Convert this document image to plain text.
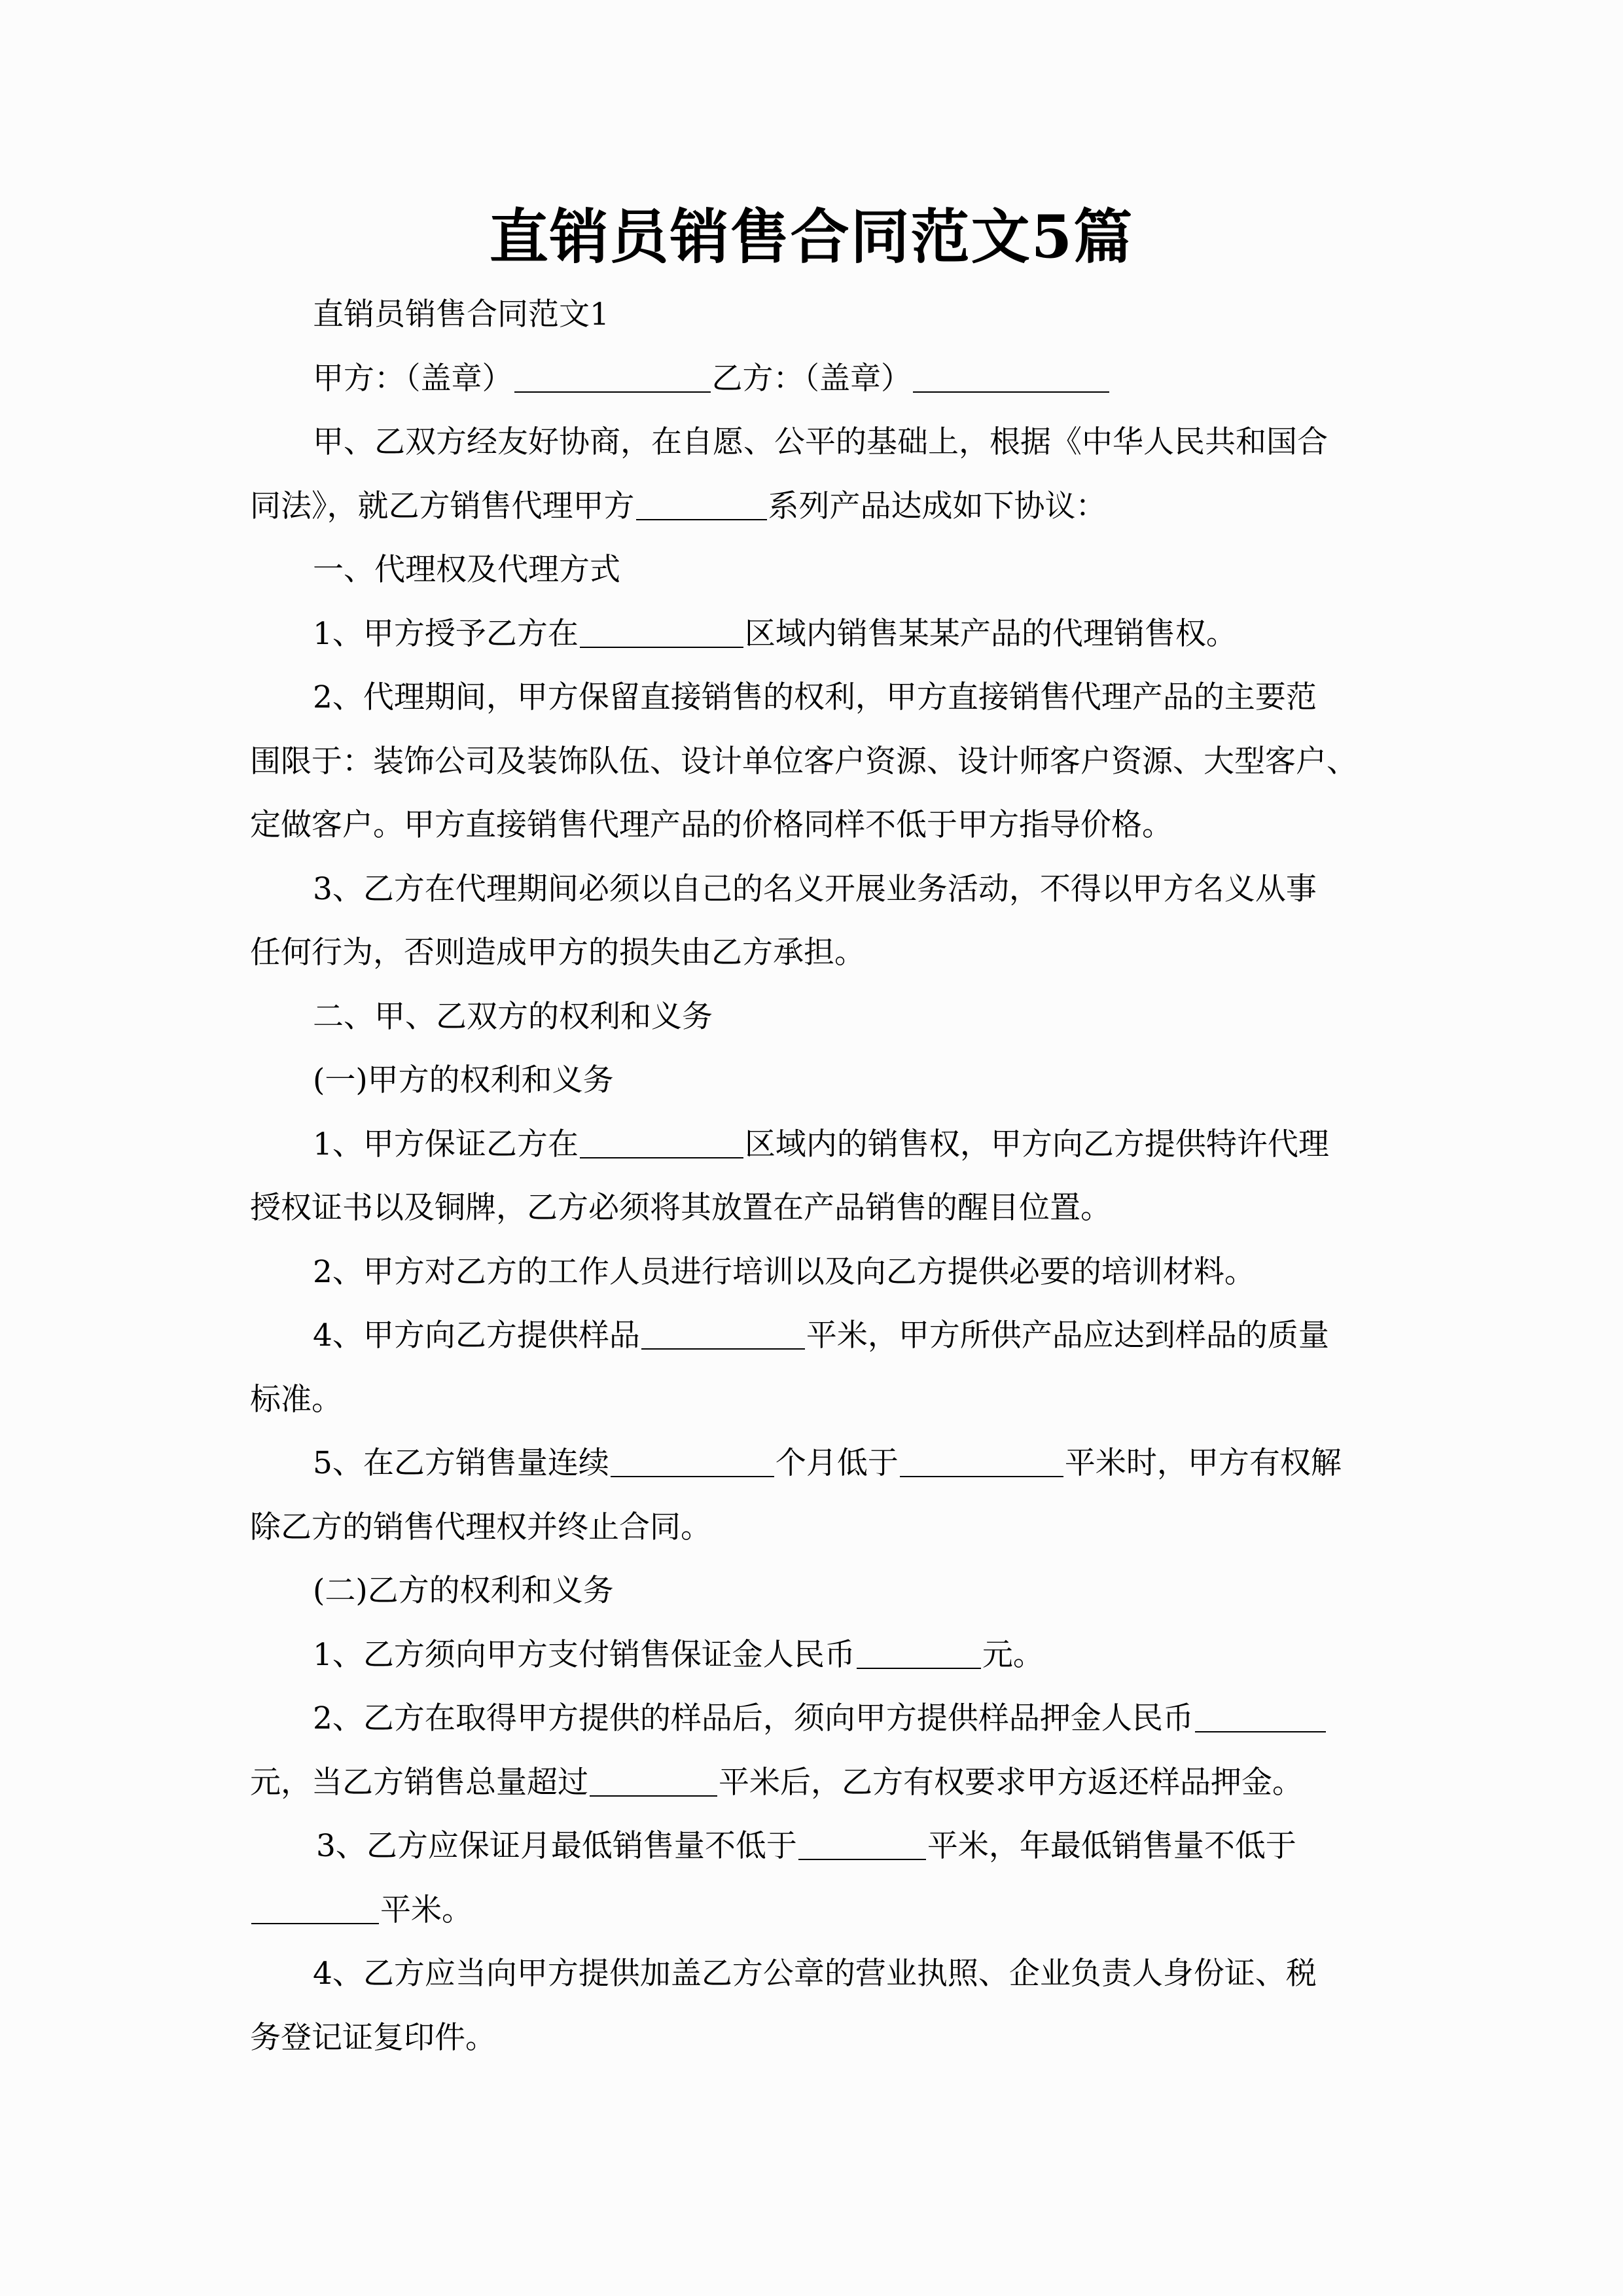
直销员销售合同范文5篇
直销员销售合同范文1
甲方：（盖章）	乙方：（盖章）
甲、乙双方经友好协商，在自愿、公平的基础上，根据《中华人民共和国合
同法》，就乙方销售代理甲方	系列产品达成如下协议：
一、代理权及代理方式
1、甲方授予乙方在	区域内销售某某产品的代理销售权。
2、代理期间，甲方保留直接销售的权利，甲方直接销售代理产品的主要范
围限于：装饰公司及装饰队伍、设计单位客户资源、设计师客户资源、大型客户、
定做客户。甲方直接销售代理产品的价格同样不低于甲方指导价格。
3、乙方在代理期间必须以自己的名义开展业务活动，不得以甲方名义从事
任何行为，否则造成甲方的损失由乙方承担。
二、甲、乙双方的权利和义务
(一)甲方的权利和义务
1、甲方保证乙方在	区域内的销售权，甲方向乙方提供特许代理
授权证书以及铜牌，乙方必须将其放置在产品销售的醒目位置。
2、甲方对乙方的工作人员进行培训以及向乙方提供必要的培训材料。
4、甲方向乙方提供样品	平米，甲方所供产品应达到样品的质量
标准。
5、在乙方销售量连续	个月低于	平米时，甲方有权解
除乙方的销售代理权并终止合同。
(二)乙方的权利和义务
1、乙方须向甲方支付销售保证金人民币	元。
2、乙方在取得甲方提供的样品后，须向甲方提供样品押金人民币
元，当乙方销售总量超过	平米后，乙方有权要求甲方返还样品押金。
3、乙方应保证月最低销售量不低于	平米，年最低销售量不低于
平米。
4、乙方应当向甲方提供加盖乙方公章的营业执照、企业负责人身份证、税
务登记证复印件。
